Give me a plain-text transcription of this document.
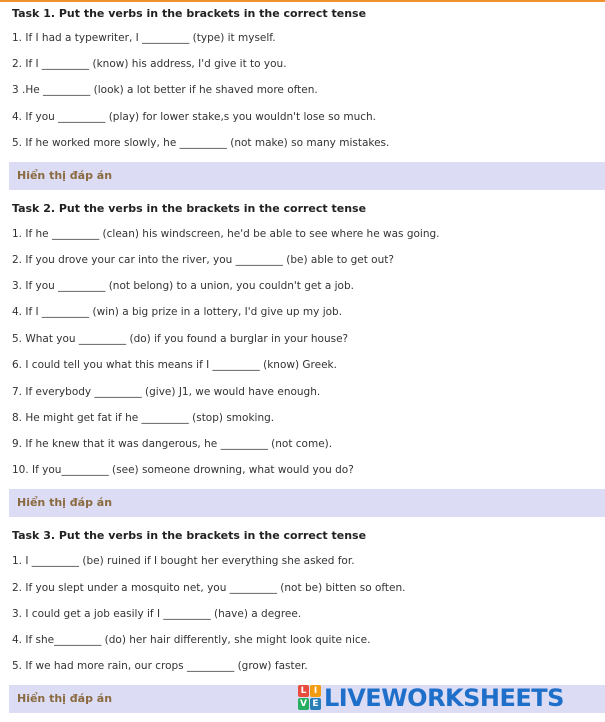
Task 1. Put the verbs in the brackets in the correct tense
1. If I had a typewriter, I _________ (type) it myself.
2. If I _________ (know) his address, I'd give it to you.
3 .He _________ (look) a lot better if he shaved more often.
4. If you _________ (play) for lower stake,s you wouldn't lose so much.
5. If he worked more slowly, he _________ (not make) so many mistakes.
Hiển thị đáp án
Task 2. Put the verbs in the brackets in the correct tense
1. If he _________ (clean) his windscreen, he'd be able to see where he was going.
2. If you drove your car into the river, you _________ (be) able to get out?
3. If you _________ (not belong) to a union, you couldn't get a job.
4. If I _________ (win) a big prize in a lottery, I'd give up my job.
5. What you _________ (do) if you found a burglar in your house?
6. I could tell you what this means if I _________ (know) Greek.
7. If everybody _________ (give) J1, we would have enough.
8. He might get fat if he _________ (stop) smoking.
9. If he knew that it was dangerous, he _________ (not come).
10. If you_________ (see) someone drowning, what would you do?
Hiển thị đáp án
Task 3. Put the verbs in the brackets in the correct tense
1. I _________ (be) ruined if I bought her everything she asked for.
2. If you slept under a mosquito net, you _________ (not be) bitten so often.
3. I could get a job easily if I _________ (have) a degree.
4. If she_________ (do) her hair differently, she might look quite nice.
5. If we had more rain, our crops _________ (grow) faster.
Hiển thị đáp án
L I
V E LIVEWORKSHEETS
